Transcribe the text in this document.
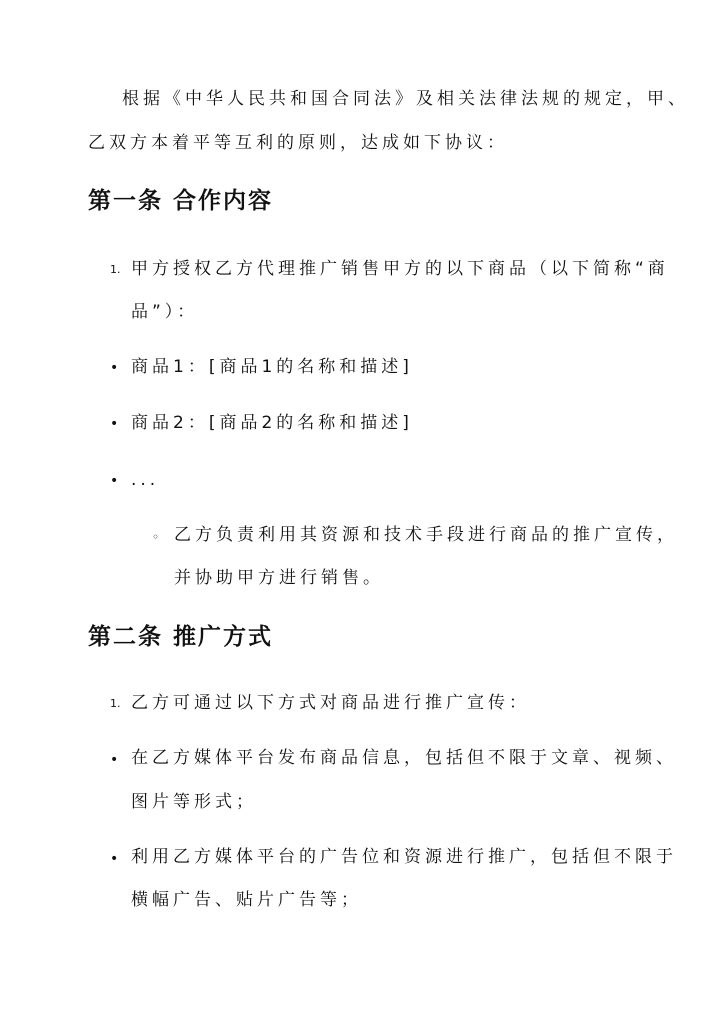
根据《中华人民共和国合同法》及相关法律法规的规定，甲、
乙双方本着平等互利的原则，达成如下协议：
第一条 合作内容
1. 甲方授权乙方代理推广销售甲方的以下商品（以下简称“商
品”）：
• 商品1：[商品1的名称和描述]
• 商品2：[商品2的名称和描述]
• ...
◦ 乙方负责利用其资源和技术手段进行商品的推广宣传，
并协助甲方进行销售。
第二条 推广方式
1. 乙方可通过以下方式对商品进行推广宣传：
• 在乙方媒体平台发布商品信息，包括但不限于文章、视频、
图片等形式；
• 利用乙方媒体平台的广告位和资源进行推广，包括但不限于
横幅广告、贴片广告等；
